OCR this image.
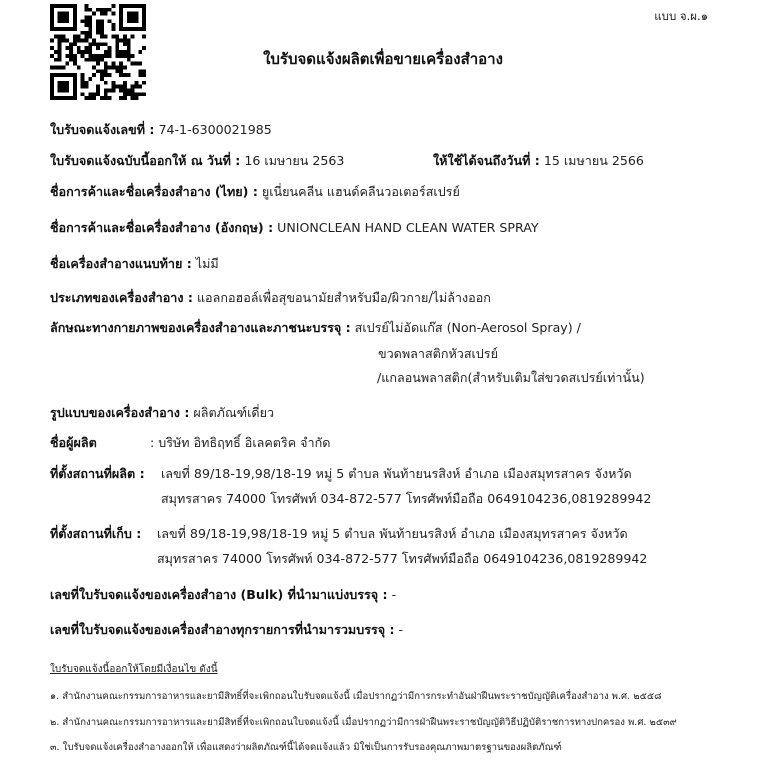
แบบ จ.ผ.๑
ใบรับจดแจ้งผลิตเพื่อขายเครื่องสำอาง
ใบรับจดแจ้งเลขที่ : 74-1-6300021985
ใบรับจดแจ้งฉบับนี้ออกให้ ณ วันที่ : 16 เมษายน 2563	ให้ใช้ได้จนถึงวันที่ : 15 เมษายน 2566
ชื่อการค้าและชื่อเครื่องสำอาง (ไทย) : ยูเนี่ยนคลีน แฮนด์คลีนวอเตอร์สเปรย์
ชื่อการค้าและชื่อเครื่องสำอาง (อังกฤษ) : UNIONCLEAN HAND CLEAN WATER SPRAY
ชื่อเครื่องสำอางแนบท้าย : ไม่มี
ประเภทของเครื่องสำอาง : แอลกอฮอล์เพื่อสุขอนามัยสำหรับมือ/ผิวกาย/ไม่ล้างออก
ลักษณะทางกายภาพของเครื่องสำอางและภาชนะบรรจุ : สเปรย์ไม่อัดแก๊ส (Non-Aerosol Spray) /
ขวดพลาสติกหัวสเปรย์
/แกลอนพลาสติก(สำหรับเติมใส่ขวดสเปรย์เท่านั้น)
รูปแบบของเครื่องสำอาง : ผลิตภัณฑ์เดี่ยว
ชื่อผู้ผลิต	: บริษัท อิทธิฤทธิ์ อิเลคตริค จำกัด
ที่ตั้งสถานที่ผลิต : เลขที่ 89/18-19,98/18-19 หมู่ 5 ตำบล พันท้ายนรสิงห์ อำเภอ เมืองสมุทรสาคร จังหวัด
สมุทรสาคร 74000 โทรศัพท์ 034-872-577 โทรศัพท์มือถือ 0649104236,0819289942
ที่ตั้งสถานที่เก็บ : เลขที่ 89/18-19,98/18-19 หมู่ 5 ตำบล พันท้ายนรสิงห์ อำเภอ เมืองสมุทรสาคร จังหวัด
สมุทรสาคร 74000 โทรศัพท์ 034-872-577 โทรศัพท์มือถือ 0649104236,0819289942
เลขที่ใบรับจดแจ้งของเครื่องสำอาง (Bulk) ที่นำมาแบ่งบรรจุ : -
เลขที่ใบรับจดแจ้งของเครื่องสำอางทุกรายการที่นำมารวมบรรจุ : -
ใบรับจดแจ้งนี้ออกให้โดยมีเงื่อนไข ดังนี้
๑. สำนักงานคณะกรรมการอาหารและยามีสิทธิ์ที่จะเพิกถอนใบรับจดแจ้งนี้ เมื่อปรากฏว่ามีการกระทำอันฝ่าฝืนพระราชบัญญัติเครื่องสำอาง พ.ศ. ๒๕๕๘
๒. สำนักงานคณะกรรมการอาหารและยามีสิทธิ์ที่จะเพิกถอนใบจดแจ้งนี้ เมื่อปรากฏว่ามีการฝ่าฝืนพระราชบัญญัติวิธีปฏิบัติราชการทางปกครอง พ.ศ. ๒๕๓๙
๓. ใบรับจดแจ้งเครื่องสำอางออกให้ เพื่อแสดงว่าผลิตภัณฑ์นี้ได้จดแจ้งแล้ว มิใช่เป็นการรับรองคุณภาพมาตรฐานของผลิตภัณฑ์
